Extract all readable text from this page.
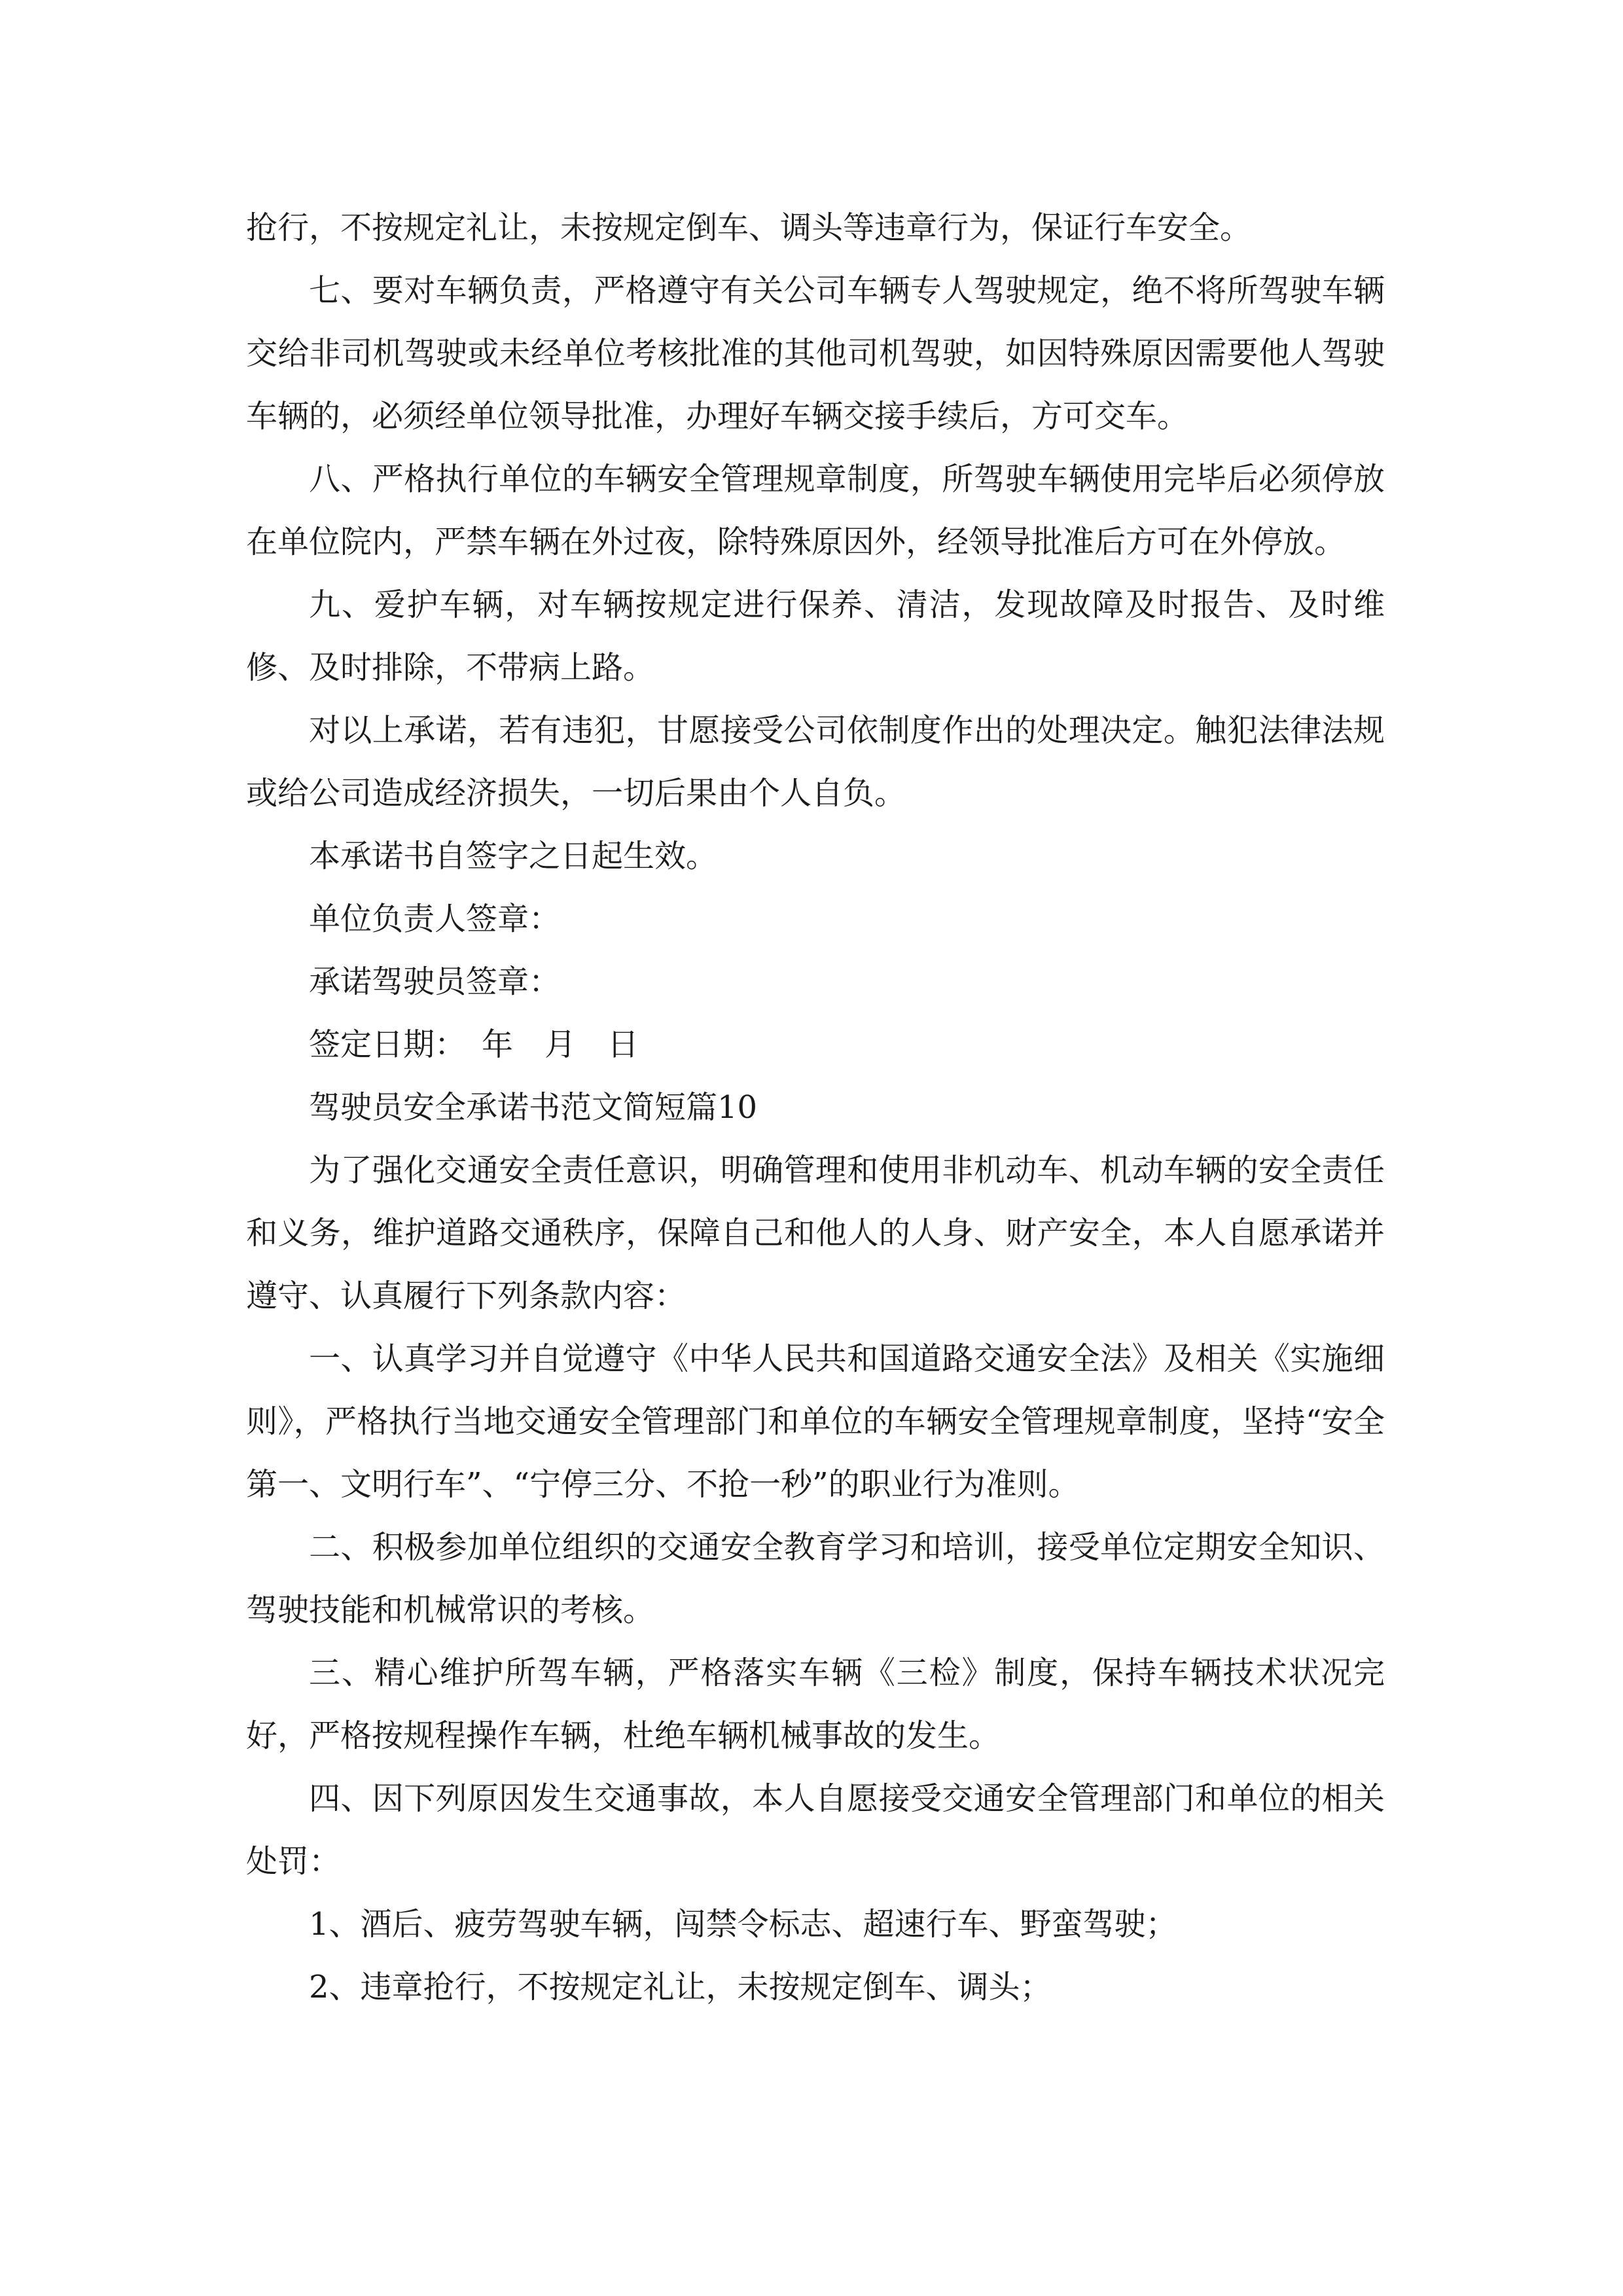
抢行，不按规定礼让，未按规定倒车、调头等违章行为，保证行车安全。

七、要对车辆负责，严格遵守有关公司车辆专人驾驶规定，绝不将所驾驶车辆交给非司机驾驶或未经单位考核批准的其他司机驾驶，如因特殊原因需要他人驾驶车辆的，必须经单位领导批准，办理好车辆交接手续后，方可交车。

八、严格执行单位的车辆安全管理规章制度，所驾驶车辆使用完毕后必须停放在单位院内，严禁车辆在外过夜，除特殊原因外，经领导批准后方可在外停放。

九、爱护车辆，对车辆按规定进行保养、清洁，发现故障及时报告、及时维修、及时排除，不带病上路。

对以上承诺，若有违犯，甘愿接受公司依制度作出的处理决定。触犯法律法规或给公司造成经济损失，一切后果由个人自负。

本承诺书自签字之日起生效。

单位负责人签章：

承诺驾驶员签章：

签定日期：　年　月　日

驾驶员安全承诺书范文简短篇10

为了强化交通安全责任意识，明确管理和使用非机动车、机动车辆的安全责任和义务，维护道路交通秩序，保障自己和他人的人身、财产安全，本人自愿承诺并遵守、认真履行下列条款内容：

一、认真学习并自觉遵守《中华人民共和国道路交通安全法》及相关《实施细则》，严格执行当地交通安全管理部门和单位的车辆安全管理规章制度，坚持“安全第一、文明行车”、“宁停三分、不抢一秒”的职业行为准则。

二、积极参加单位组织的交通安全教育学习和培训，接受单位定期安全知识、驾驶技能和机械常识的考核。

三、精心维护所驾车辆，严格落实车辆《三检》制度，保持车辆技术状况完好，严格按规程操作车辆，杜绝车辆机械事故的发生。

四、因下列原因发生交通事故，本人自愿接受交通安全管理部门和单位的相关处罚：

1、酒后、疲劳驾驶车辆，闯禁令标志、超速行车、野蛮驾驶；

2、违章抢行，不按规定礼让，未按规定倒车、调头；
